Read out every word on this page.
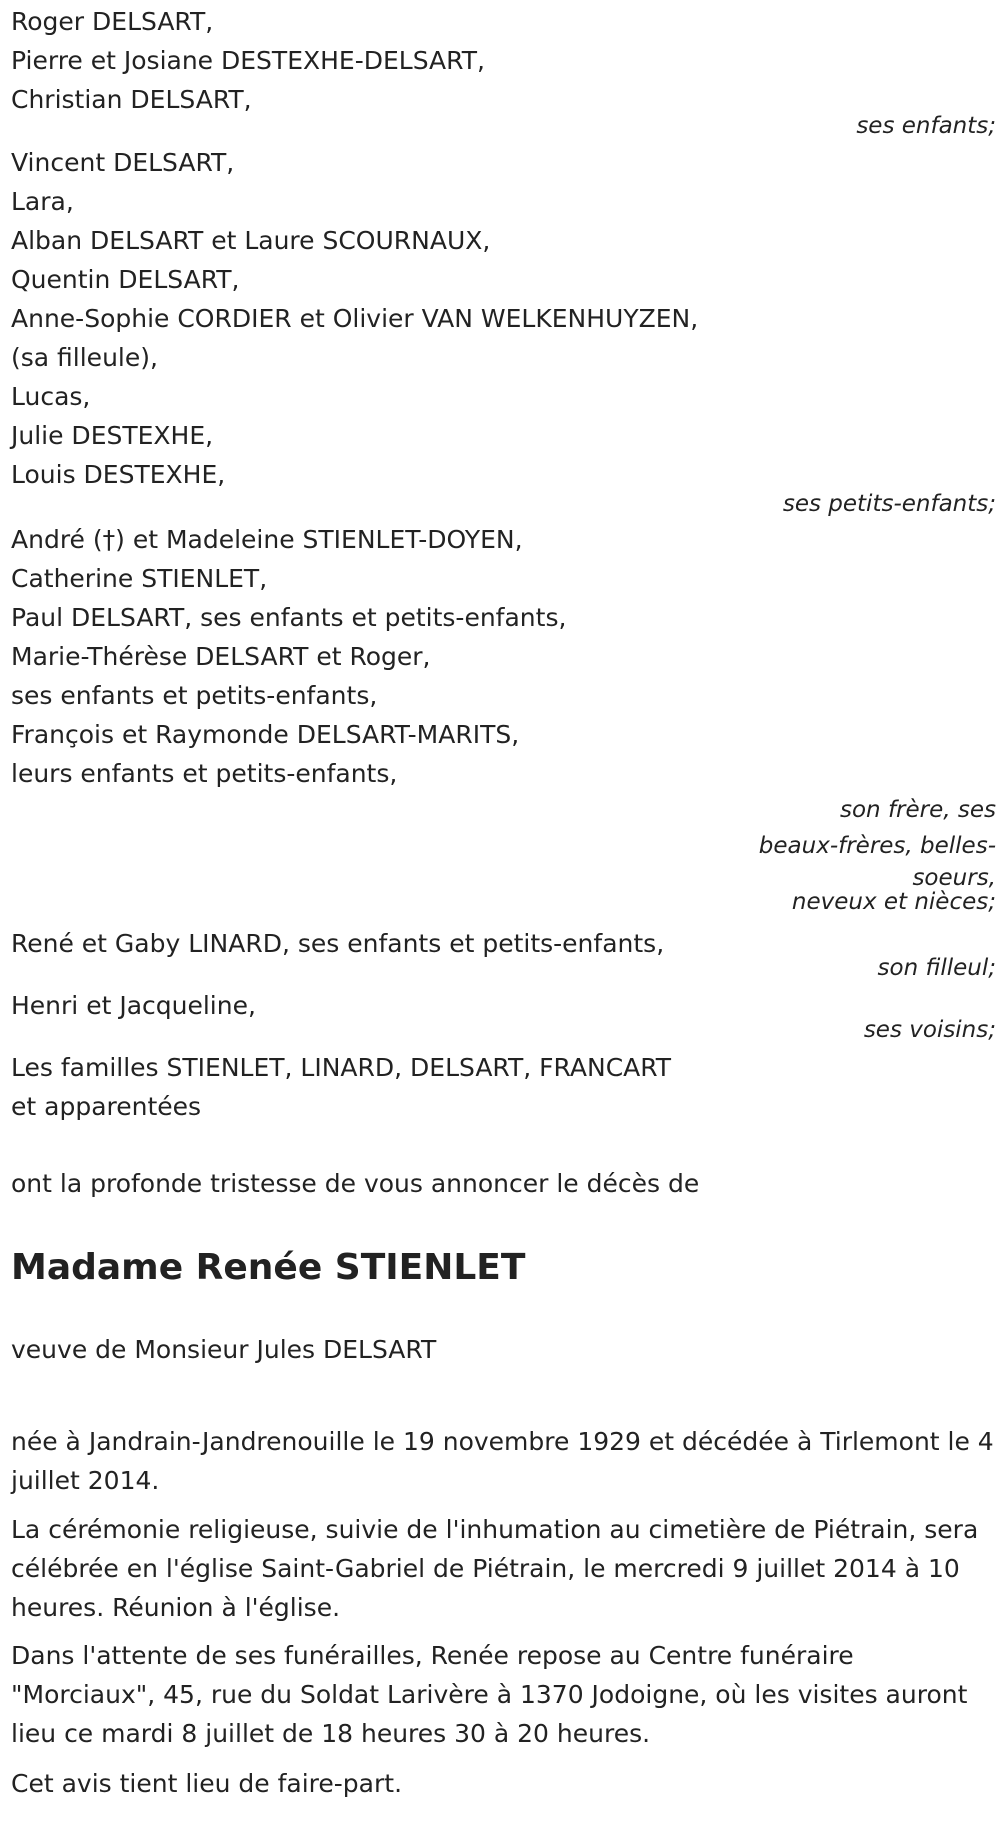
Roger DELSART,
Pierre et Josiane DESTEXHE-DELSART,
Christian DELSART,
ses enfants;
Vincent DELSART,
Lara,
Alban DELSART et Laure SCOURNAUX,
Quentin DELSART,
Anne-Sophie CORDIER et Olivier VAN WELKENHUYZEN,
(sa filleule),
Lucas,
Julie DESTEXHE,
Louis DESTEXHE,
ses petits-enfants;
André (†) et Madeleine STIENLET-DOYEN,
Catherine STIENLET,
Paul DELSART, ses enfants et petits-enfants,
Marie-Thérèse DELSART et Roger,
ses enfants et petits-enfants,
François et Raymonde DELSART-MARITS,
leurs enfants et petits-enfants,
son frère, ses
beaux-frères, belles-
soeurs,
neveux et nièces;
René et Gaby LINARD, ses enfants et petits-enfants,
son filleul;
Henri et Jacqueline,
ses voisins;
Les familles STIENLET, LINARD, DELSART, FRANCART
et apparentées
ont la profonde tristesse de vous annoncer le décès de
Madame Renée STIENLET
veuve de Monsieur Jules DELSART
née à Jandrain-Jandrenouille le 19 novembre 1929 et décédée à Tirlemont le 4 juillet 2014.
La cérémonie religieuse, suivie de l'inhumation au cimetière de Piétrain, sera célébrée en l'église Saint-Gabriel de Piétrain, le mercredi 9 juillet 2014 à 10 heures. Réunion à l'église.
Dans l'attente de ses funérailles, Renée repose au Centre funéraire "Morciaux", 45, rue du Soldat Larivère à 1370 Jodoigne, où les visites auront lieu ce mardi 8 juillet de 18 heures 30 à 20 heures.
Cet avis tient lieu de faire-part.
